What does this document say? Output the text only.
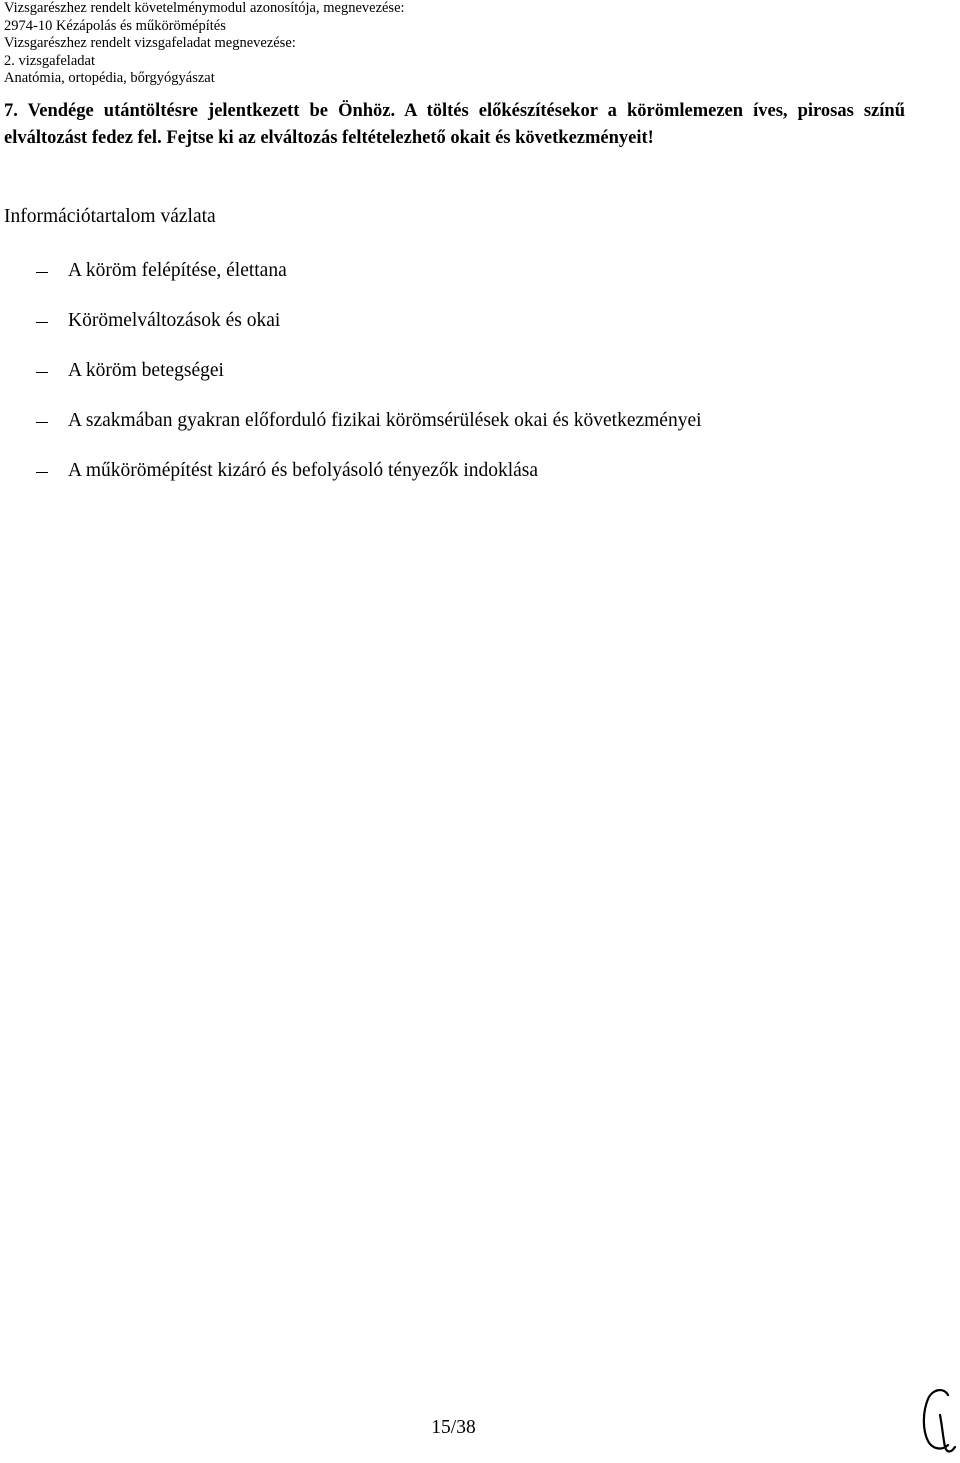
Vizsgarészhez rendelt követelménymodul azonosítója, megnevezése:
2974-10 Kézápolás és műkörömépítés
Vizsgarészhez rendelt vizsgafeladat megnevezése:
2. vizsgafeladat
Anatómia, ortopédia, bőrgyógyászat
7. Vendége utántöltésre jelentkezett be Önhöz. A töltés előkészítésekor a körömlemezen íves, pirosas színű elváltozást fedez fel. Fejtse ki az elváltozás feltételezhető okait és következményeit!
Információtartalom vázlata
A köröm felépítése, élettana
Körömelváltozások és okai
A köröm betegségei
A szakmában gyakran előforduló fizikai körömsérülések okai és következményei
A műkörömépítést kizáró és befolyásoló tényezők indoklása
15/38
